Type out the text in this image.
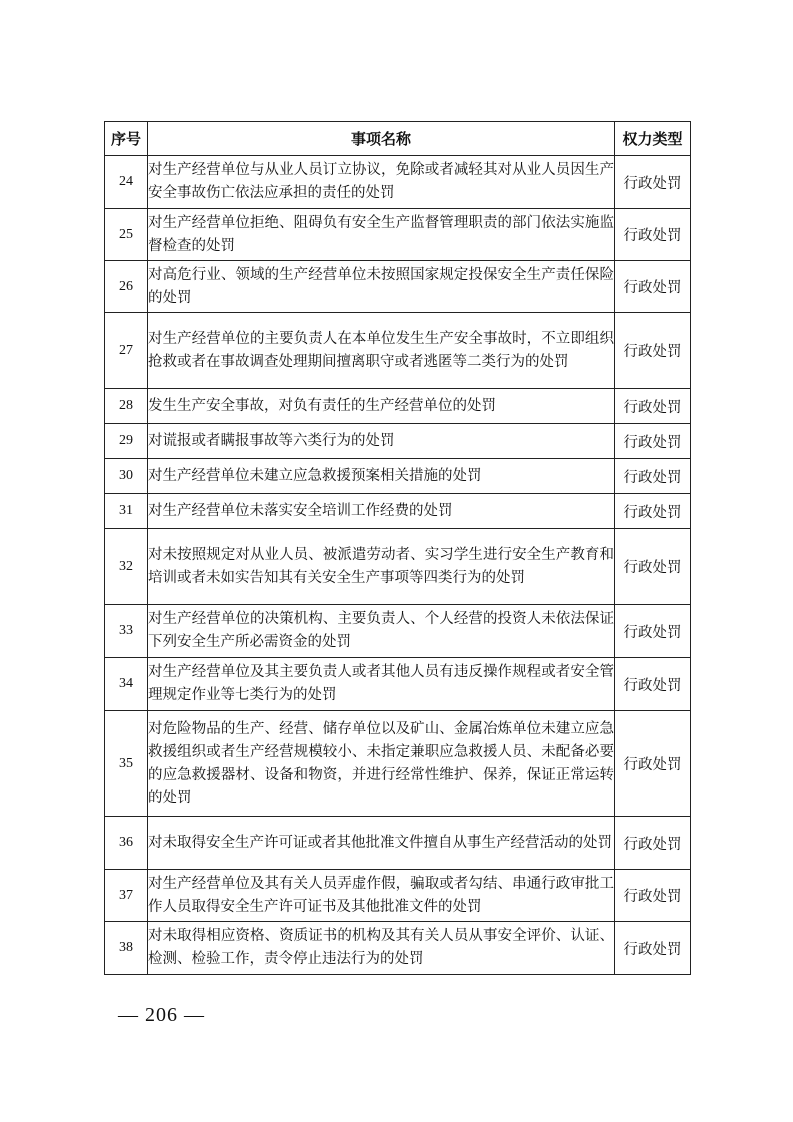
序号	事项名称	权力类型
24	对生产经营单位与从业人员订立协议，免除或者减轻其对从业人员因生产安全事故伤亡依法应承担的责任的处罚	行政处罚
25	对生产经营单位拒绝、阻碍负有安全生产监督管理职责的部门依法实施监督检查的处罚	行政处罚
26	对高危行业、领域的生产经营单位未按照国家规定投保安全生产责任保险的处罚	行政处罚
27	对生产经营单位的主要负责人在本单位发生生产安全事故时，不立即组织抢救或者在事故调查处理期间擅离职守或者逃匿等二类行为的处罚	行政处罚
28	发生生产安全事故，对负有责任的生产经营单位的处罚	行政处罚
29	对谎报或者瞒报事故等六类行为的处罚	行政处罚
30	对生产经营单位未建立应急救援预案相关措施的处罚	行政处罚
31	对生产经营单位未落实安全培训工作经费的处罚	行政处罚
32	对未按照规定对从业人员、被派遣劳动者、实习学生进行安全生产教育和培训或者未如实告知其有关安全生产事项等四类行为的处罚	行政处罚
33	对生产经营单位的决策机构、主要负责人、个人经营的投资人未依法保证下列安全生产所必需资金的处罚	行政处罚
34	对生产经营单位及其主要负责人或者其他人员有违反操作规程或者安全管理规定作业等七类行为的处罚	行政处罚
35	对危险物品的生产、经营、储存单位以及矿山、金属冶炼单位未建立应急救援组织或者生产经营规模较小、未指定兼职应急救援人员、未配备必要的应急救援器材、设备和物资，并进行经常性维护、保养，保证正常运转的处罚	行政处罚
36	对未取得安全生产许可证或者其他批准文件擅自从事生产经营活动的处罚	行政处罚
37	对生产经营单位及其有关人员弄虚作假，骗取或者勾结、串通行政审批工作人员取得安全生产许可证书及其他批准文件的处罚	行政处罚
38	对未取得相应资格、资质证书的机构及其有关人员从事安全评价、认证、检测、检验工作，责令停止违法行为的处罚	行政处罚
— 206 —
